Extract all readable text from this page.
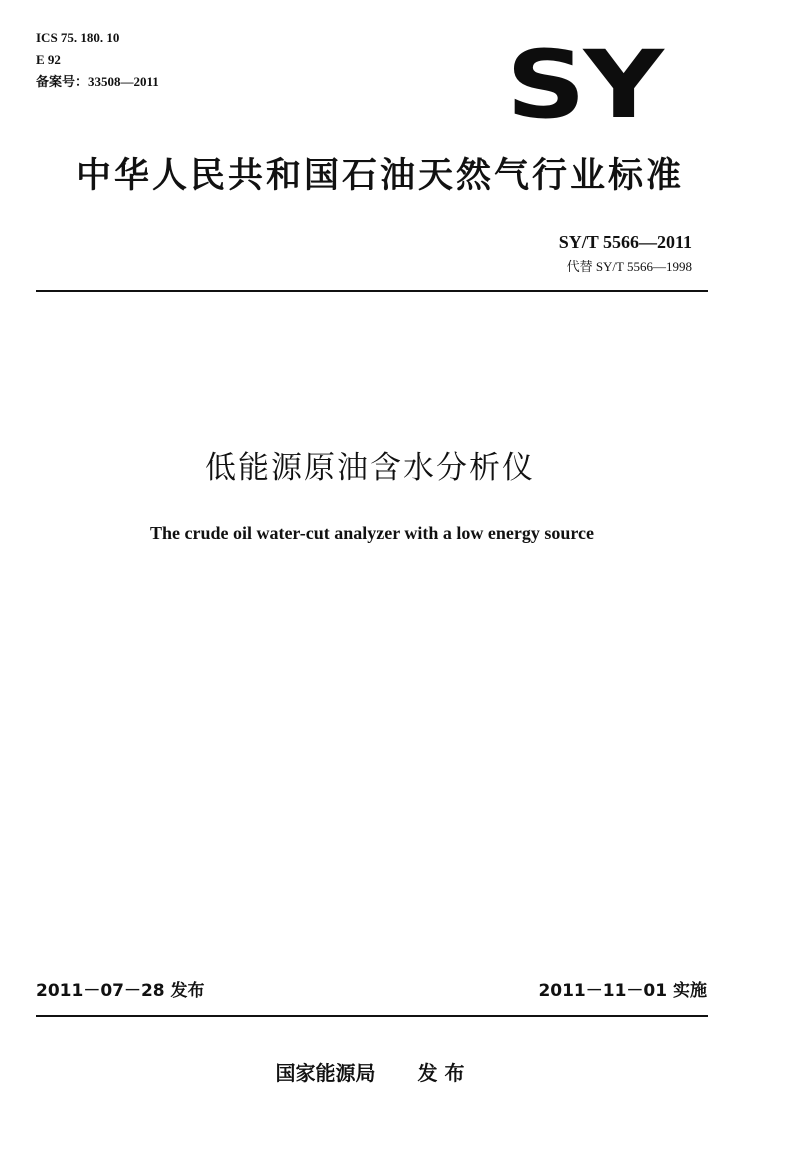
ICS 75. 180. 10
E 92
备案号：33508—2011	SY
中华人民共和国石油天然气行业标准
SY/T 5566—2011
代替 SY/T 5566—1998
低能源原油含水分析仪
The crude oil water-cut analyzer with a low energy source
2011－07－28 发布	2011－11－01 实施
国家能源局 发 布
